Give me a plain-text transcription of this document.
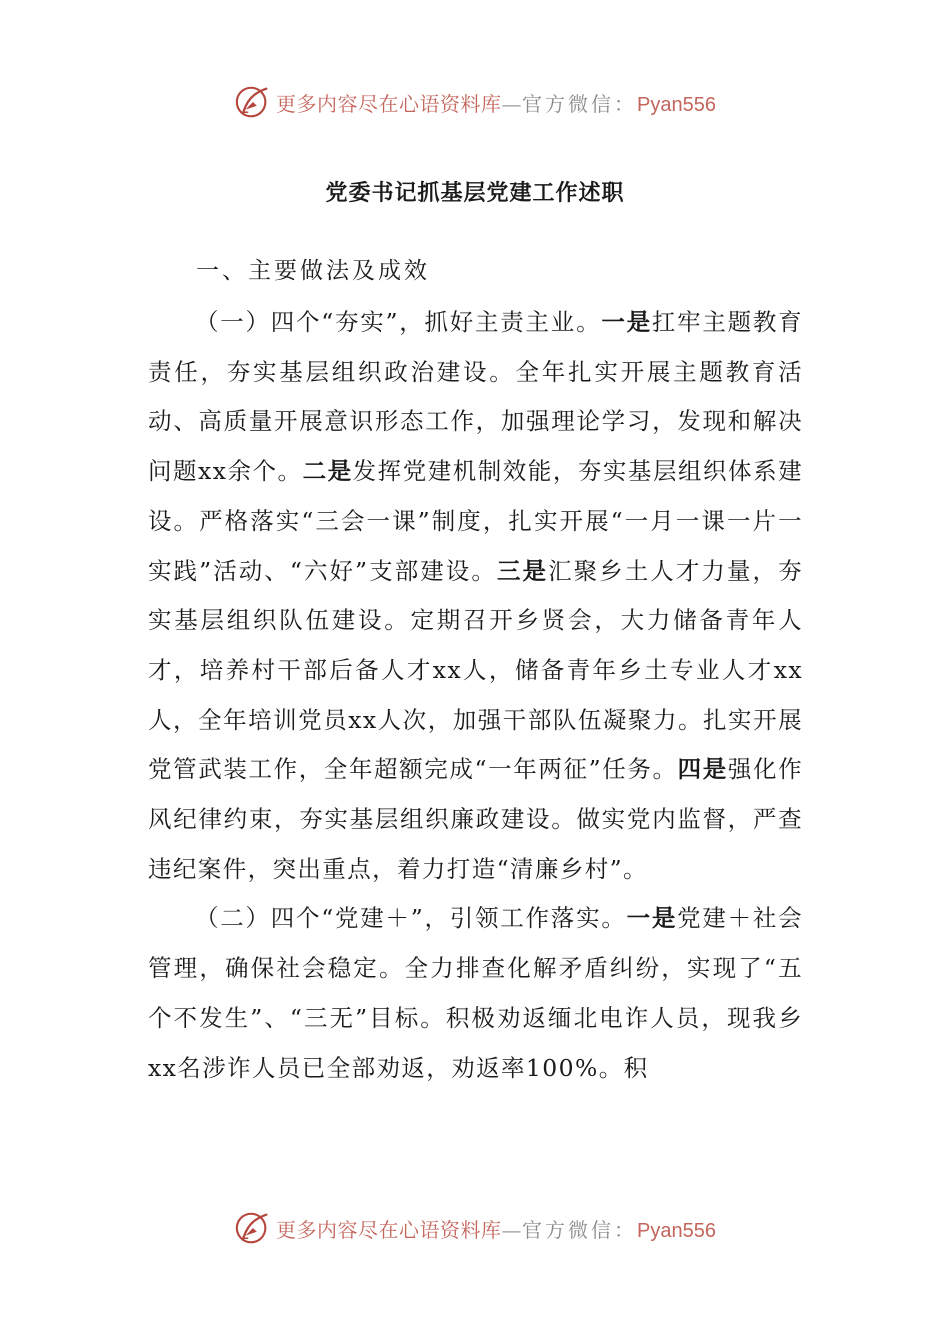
更多内容尽在心语资料库—官方微信：Pyan556
党委书记抓基层党建工作述职
一、主要做法及成效

（一）四个“夯实”，抓好主责主业。一是扛牢主题教育责任，夯实基层组织政治建设。全年扎实开展主题教育活动、高质量开展意识形态工作，加强理论学习，发现和解决问题xx余个。二是发挥党建机制效能，夯实基层组织体系建设。严格落实“三会一课”制度，扎实开展“一月一课一片一实践”活动、“六好”支部建设。三是汇聚乡土人才力量，夯实基层组织队伍建设。定期召开乡贤会，大力储备青年人才，培养村干部后备人才xx人，储备青年乡土专业人才xx人，全年培训党员xx人次，加强干部队伍凝聚力。扎实开展党管武装工作，全年超额完成“一年两征”任务。四是强化作风纪律约束，夯实基层组织廉政建设。做实党内监督，严查违纪案件，突出重点，着力打造“清廉乡村”。

（二）四个“党建＋”，引领工作落实。一是党建＋社会管理，确保社会稳定。全力排查化解矛盾纠纷，实现了“五个不发生”、“三无”目标。积极劝返缅北电诈人员，现我乡xx名涉诈人员已全部劝返，劝返率100%。积

更多内容尽在心语资料库—官方微信：Pyan556
